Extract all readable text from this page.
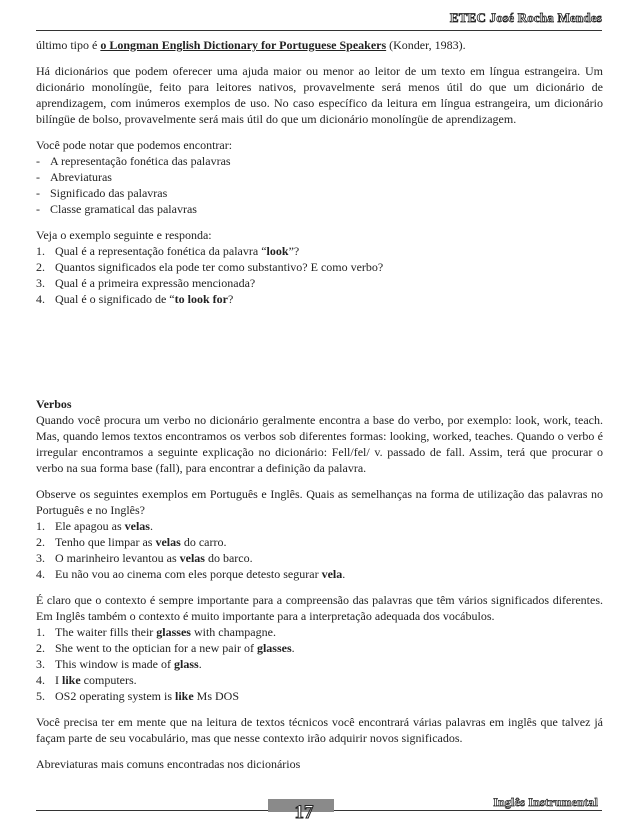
ETEC José Rocha Mendes

último tipo é o Longman English Dictionary for Portuguese Speakers (Konder, 1983).

Há dicionários que podem oferecer uma ajuda maior ou menor ao leitor de um texto em língua estrangeira. Um dicionário monolíngüe, feito para leitores nativos, provavelmente será menos útil do que um dicionário de aprendizagem, com inúmeros exemplos de uso. No caso específico da leitura em língua estrangeira, um dicionário bilíngüe de bolso, provavelmente será mais útil do que um dicionário monolíngüe de aprendizagem.

Você pode notar que podemos encontrar:

- A representação fonética das palavras
- Abreviaturas
- Significado das palavras
- Classe gramatical das palavras

Veja o exemplo seguinte e responda:

1. Qual é a representação fonética da palavra “look”?
2. Quantos significados ela pode ter como substantivo? E como verbo?
3. Qual é a primeira expressão mencionada?
4. Qual é o significado de “to look for?

Verbos

Quando você procura um verbo no dicionário geralmente encontra a base do verbo, por exemplo: look, work, teach. Mas, quando lemos textos encontramos os verbos sob diferentes formas: looking, worked, teaches. Quando o verbo é irregular encontramos a seguinte explicação no dicionário: Fell/fel/ v. passado de fall. Assim, terá que procurar o verbo na sua forma base (fall), para encontrar a definição da palavra.

Observe os seguintes exemplos em Português e Inglês. Quais as semelhanças na forma de utilização das palavras no Português e no Inglês?

1. Ele apagou as velas.
2. Tenho que limpar as velas do carro.
3. O marinheiro levantou as velas do barco.
4. Eu não vou ao cinema com eles porque detesto segurar vela.

É claro que o contexto é sempre importante para a compreensão das palavras que têm vários significados diferentes. Em Inglês também o contexto é muito importante para a interpretação adequada dos vocábulos.

1. The waiter fills their glasses with champagne.
2. She went to the optician for a new pair of glasses.
3. This window is made of glass.
4. I like computers.
5. OS2 operating system is like Ms DOS

Você precisa ter em mente que na leitura de textos técnicos você encontrará várias palavras em inglês que talvez já façam parte de seu vocabulário, mas que nesse contexto irão adquirir novos significados.

Abreviaturas mais comuns encontradas nos dicionários

Inglês Instrumental
17
